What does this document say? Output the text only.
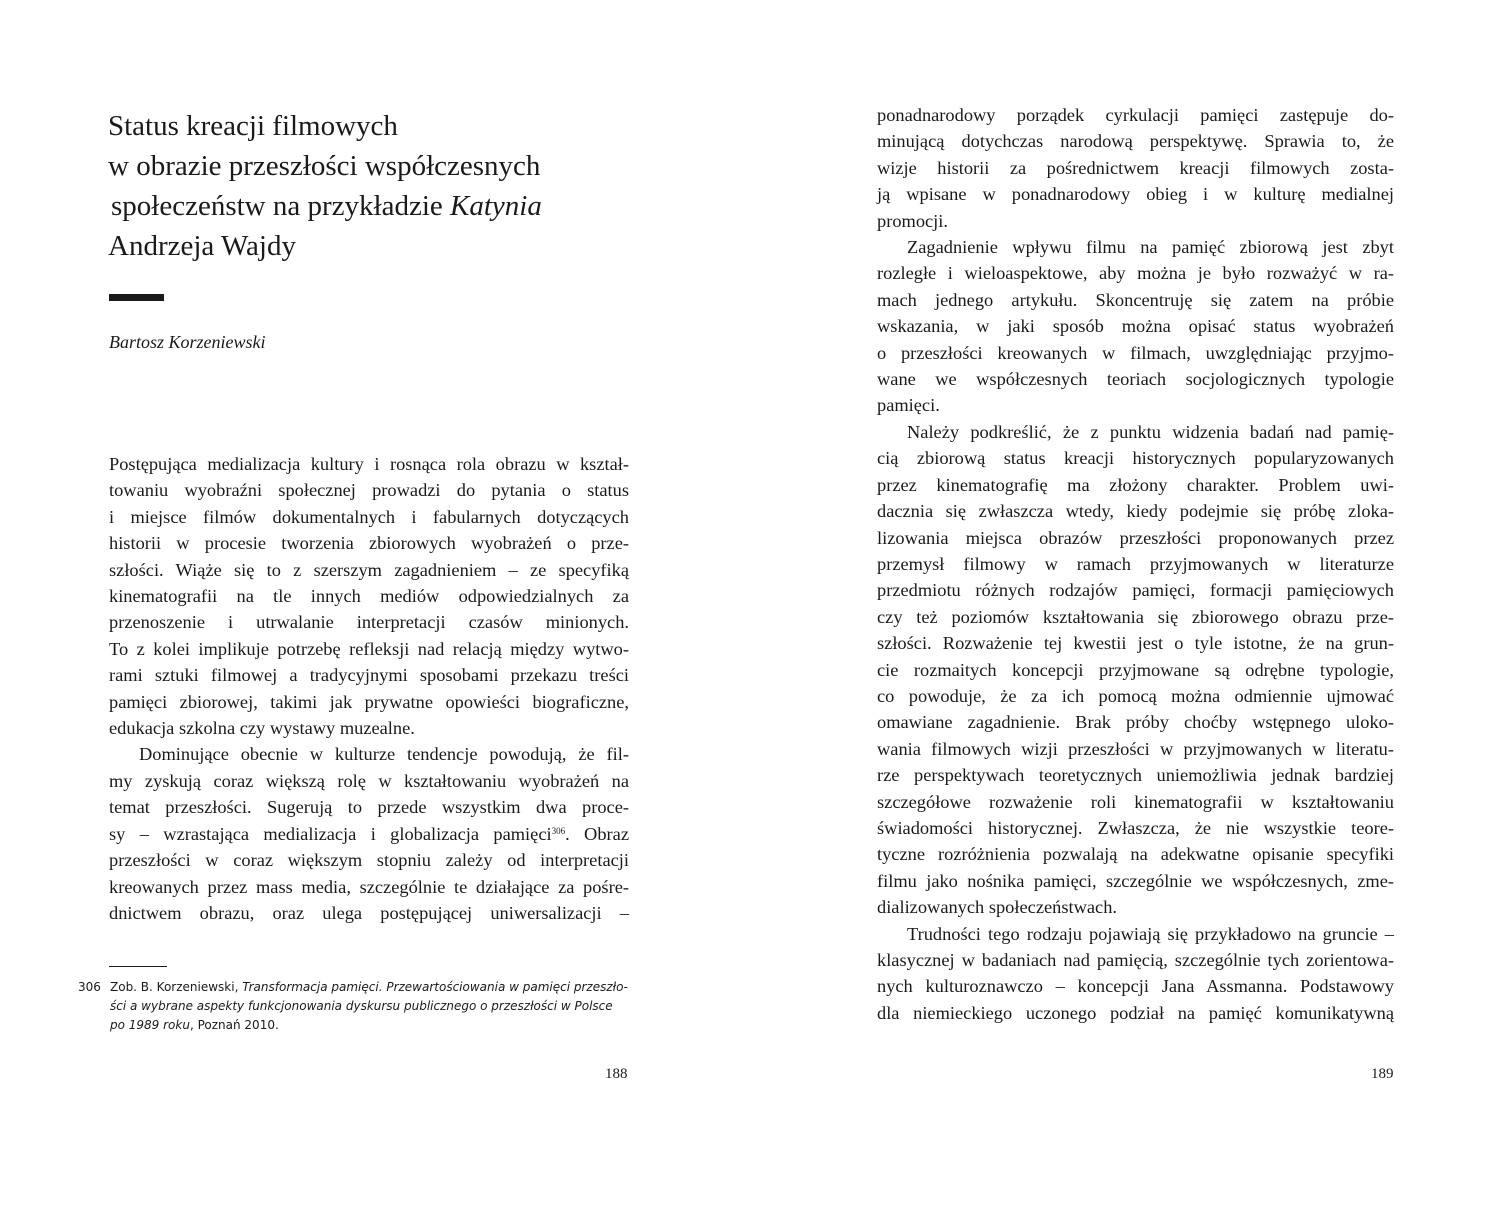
Status kreacji filmowych
w obrazie przeszłości współczesnych
społeczeństw na przykładzie Katynia
Andrzeja Wajdy
Bartosz Korzeniewski
Postępująca medializacja kultury i rosnąca rola obrazu w kształ-
towaniu wyobraźni społecznej prowadzi do pytania o status
i miejsce filmów dokumentalnych i fabularnych dotyczących
historii w procesie tworzenia zbiorowych wyobrażeń o prze-
szłości. Wiąże się to z szerszym zagadnieniem – ze specyfiką
kinematografii na tle innych mediów odpowiedzialnych za
przenoszenie i utrwalanie interpretacji czasów minionych.
To z kolei implikuje potrzebę refleksji nad relacją między wytwo-
rami sztuki filmowej a tradycyjnymi sposobami przekazu treści
pamięci zbiorowej, takimi jak prywatne opowieści biograficzne,
edukacja szkolna czy wystawy muzealne.
Dominujące obecnie w kulturze tendencje powodują, że fil-
my zyskują coraz większą rolę w kształtowaniu wyobrażeń na
temat przeszłości. Sugerują to przede wszystkim dwa proce-
sy – wzrastająca medializacja i globalizacja pamięci$^{306}$. Obraz
przeszłości w coraz większym stopniu zależy od interpretacji
kreowanych przez mass media, szczególnie te działające za pośre-
dnictwem obrazu, oraz ulega postępującej uniwersalizacji –
306 Zob. B. Korzeniewski, Transformacja pamięci. Przewartościowania w pamięci przeszło-
ści a wybrane aspekty funkcjonowania dyskursu publicznego o przeszłości w Polsce
po 1989 roku, Poznań 2010.
188
ponadnarodowy porządek cyrkulacji pamięci zastępuje do-
minującą dotychczas narodową perspektywę. Sprawia to, że
wizje historii za pośrednictwem kreacji filmowych zosta-
ją wpisane w ponadnarodowy obieg i w kulturę medialnej
promocji.
Zagadnienie wpływu filmu na pamięć zbiorową jest zbyt
rozległe i wieloaspektowe, aby można je było rozważyć w ra-
mach jednego artykułu. Skoncentruję się zatem na próbie
wskazania, w jaki sposób można opisać status wyobrażeń
o przeszłości kreowanych w filmach, uwzględniając przyjmo-
wane we współczesnych teoriach socjologicznych typologie
pamięci.
Należy podkreślić, że z punktu widzenia badań nad pamię-
cią zbiorową status kreacji historycznych popularyzowanych
przez kinematografię ma złożony charakter. Problem uwi-
dacznia się zwłaszcza wtedy, kiedy podejmie się próbę zloka-
lizowania miejsca obrazów przeszłości proponowanych przez
przemysł filmowy w ramach przyjmowanych w literaturze
przedmiotu różnych rodzajów pamięci, formacji pamięciowych
czy też poziomów kształtowania się zbiorowego obrazu prze-
szłości. Rozważenie tej kwestii jest o tyle istotne, że na grun-
cie rozmaitych koncepcji przyjmowane są odrębne typologie,
co powoduje, że za ich pomocą można odmiennie ujmować
omawiane zagadnienie. Brak próby choćby wstępnego uloko-
wania filmowych wizji przeszłości w przyjmowanych w literatu-
rze perspektywach teoretycznych uniemożliwia jednak bardziej
szczegółowe rozważenie roli kinematografii w kształtowaniu
świadomości historycznej. Zwłaszcza, że nie wszystkie teore-
tyczne rozróżnienia pozwalają na adekwatne opisanie specyfiki
filmu jako nośnika pamięci, szczególnie we współczesnych, zme-
dializowanych społeczeństwach.
Trudności tego rodzaju pojawiają się przykładowo na gruncie –
klasycznej w badaniach nad pamięcią, szczególnie tych zorientowa-
nych kulturoznawczo – koncepcji Jana Assmanna. Podstawowy
dla niemieckiego uczonego podział na pamięć komunikatywną
189
